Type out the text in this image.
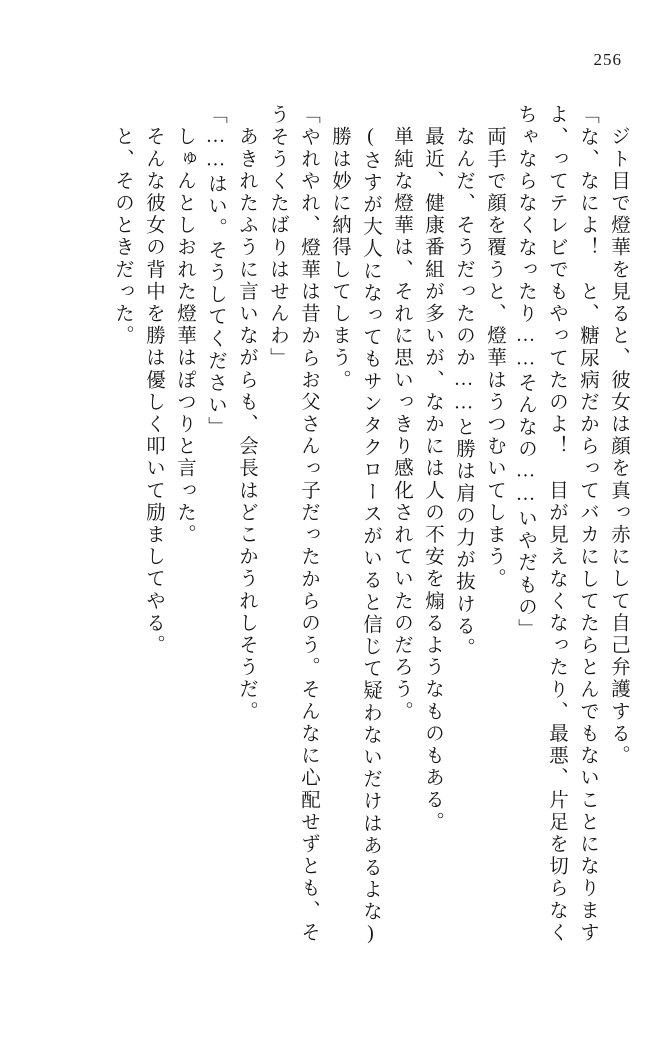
256
ジト目で燈華を見ると、彼女は顔を真っ赤にして自己弁護する。
「な、なによ！　と、糖尿病だからってバカにしてたらとんでもないことになります
よ、ってテレビでもやってたのよ！　目が見えなくなったり、最悪、片足を切らなく
ちゃならなくなったり……そんなの……いやだもの」
両手で顔を覆うと、燈華はうつむいてしまう。
なんだ、そうだったのか……と勝は肩の力が抜ける。
最近、健康番組が多いが、なかには人の不安を煽るようなものもある。
単純な燈華は、それに思いっきり感化されていたのだろう。
(さすが大人になってもサンタクロースがいると信じて疑わないだけはあるよな)
勝は妙に納得してしまう。
「やれやれ、燈華は昔からお父さんっ子だったからのう。そんなに心配せずとも、そ
うそうくたばりはせんわ」
あきれたふうに言いながらも、会長はどこかうれしそうだ。
「……はい。そうしてください」
しゅんとしおれた燈華はぽつりと言った。
そんな彼女の背中を勝は優しく叩いて励ましてやる。
と、そのときだった。
